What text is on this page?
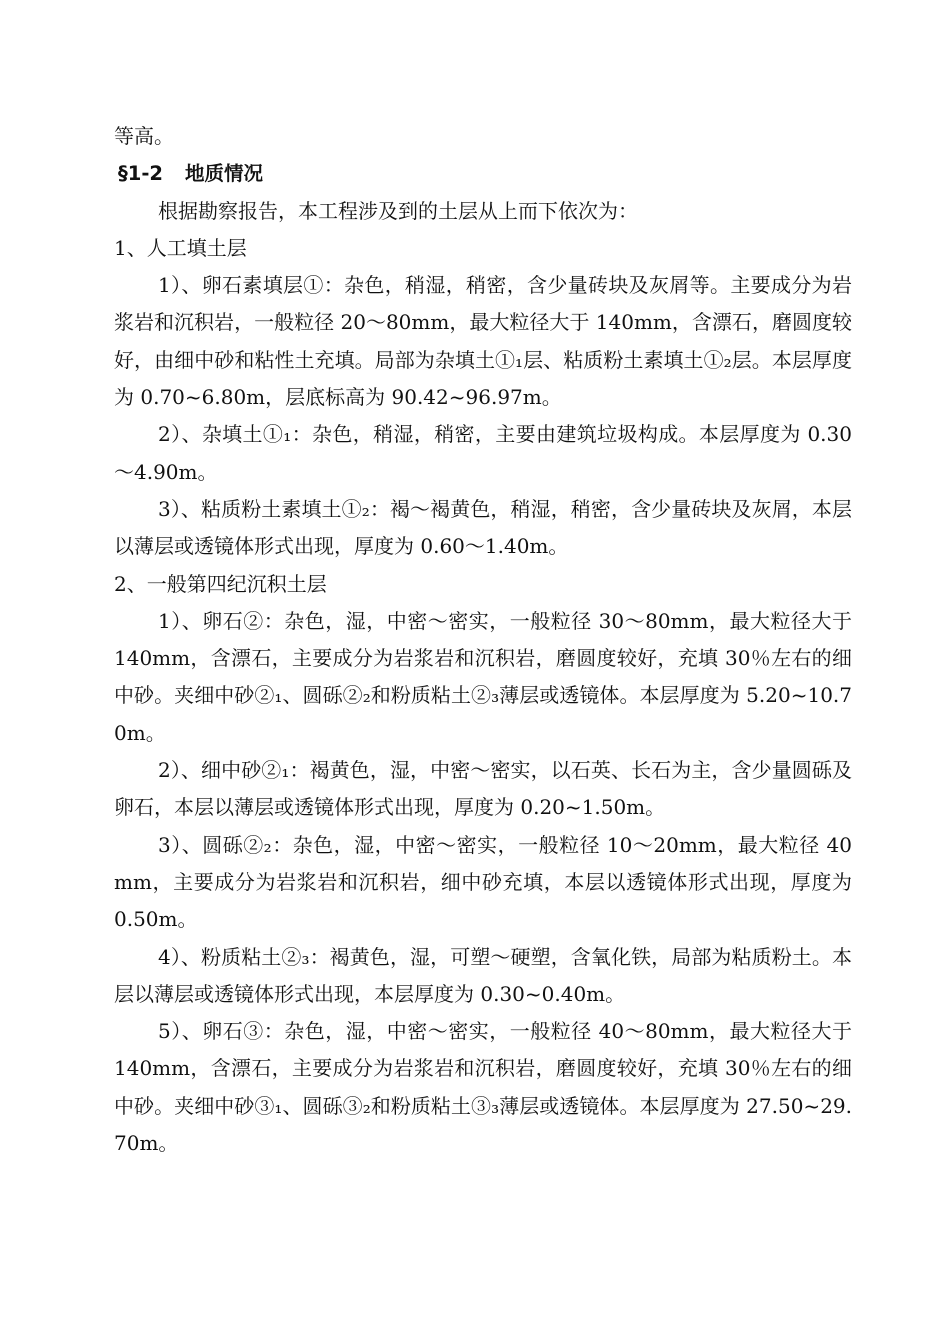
等高。

§1-2 地质情况

根据勘察报告，本工程涉及到的土层从上而下依次为：

1、人工填土层

1）、卵石素填层①：杂色，稍湿，稍密，含少量砖块及灰屑等。主要成分为岩浆岩和沉积岩，一般粒径 20～80mm，最大粒径大于 140mm，含漂石，磨圆度较好，由细中砂和粘性土充填。局部为杂填土①₁层、粘质粉土素填土①₂层。本层厚度为 0.70~6.80m，层底标高为 90.42~96.97m。

2）、杂填土①₁：杂色，稍湿，稍密，主要由建筑垃圾构成。本层厚度为 0.30～4.90m。

3）、粘质粉土素填土①₂：褐～褐黄色，稍湿，稍密，含少量砖块及灰屑，本层以薄层或透镜体形式出现，厚度为 0.60～1.40m。

2、一般第四纪沉积土层

1）、卵石②：杂色，湿，中密～密实，一般粒径 30～80mm，最大粒径大于 140mm，含漂石，主要成分为岩浆岩和沉积岩，磨圆度较好，充填 30％左右的细中砂。夹细中砂②₁、圆砾②₂和粉质粘土②₃薄层或透镜体。本层厚度为 5.20~10.70m。

2）、细中砂②₁：褐黄色，湿，中密～密实，以石英、长石为主，含少量圆砾及卵石，本层以薄层或透镜体形式出现，厚度为 0.20~1.50m。

3）、圆砾②₂：杂色，湿，中密～密实，一般粒径 10～20mm，最大粒径 40mm，主要成分为岩浆岩和沉积岩，细中砂充填，本层以透镜体形式出现，厚度为 0.50m。

4）、粉质粘土②₃：褐黄色，湿，可塑～硬塑，含氧化铁，局部为粘质粉土。本层以薄层或透镜体形式出现，本层厚度为 0.30~0.40m。

5）、卵石③：杂色，湿，中密～密实，一般粒径 40～80mm，最大粒径大于 140mm，含漂石，主要成分为岩浆岩和沉积岩，磨圆度较好，充填 30％左右的细中砂。夹细中砂③₁、圆砾③₂和粉质粘土③₃薄层或透镜体。本层厚度为 27.50~29.70m。
